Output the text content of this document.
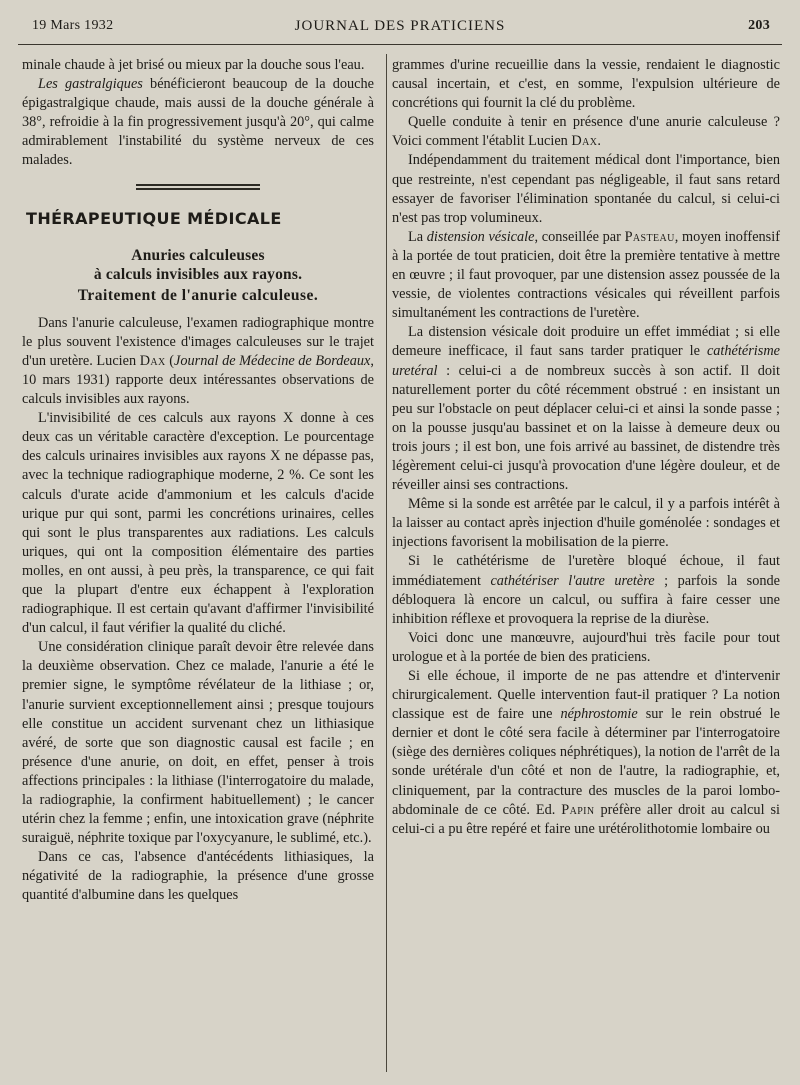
19 Mars 1932	JOURNAL DES PRATICIENS	203

minale chaude à jet brisé ou mieux par la douche sous l'eau.

Les gastralgiques bénéficieront beaucoup de la douche épigastralgique chaude, mais aussi de la douche générale à 38°, refroidie à la fin progressivement jusqu'à 20°, qui calme admirablement l'instabilité du système nerveux de ces malades.

THÉRAPEUTIQUE MÉDICALE
Anuries calculeuses
à calculs invisibles aux rayons.
Traitement de l'anurie calculeuse.

Dans l'anurie calculeuse, l'examen radiographique montre le plus souvent l'existence d'images calculeuses sur le trajet d'un uretère. Lucien Dax (Journal de Médecine de Bordeaux, 10 mars 1931) rapporte deux intéressantes observations de calculs invisibles aux rayons.

L'invisibilité de ces calculs aux rayons X donne à ces deux cas un véritable caractère d'exception. Le pourcentage des calculs urinaires invisibles aux rayons X ne dépasse pas, avec la technique radiographique moderne, 2 %. Ce sont les calculs d'urate acide d'ammonium et les calculs d'acide urique pur qui sont, parmi les concrétions urinaires, celles qui sont le plus transparentes aux radiations. Les calculs uriques, qui ont la composition élémentaire des parties molles, en ont aussi, à peu près, la transparence, ce qui fait que la plupart d'entre eux échappent à l'exploration radiographique. Il est certain qu'avant d'affirmer l'invisibilité d'un calcul, il faut vérifier la qualité du cliché.

Une considération clinique paraît devoir être relevée dans la deuxième observation. Chez ce malade, l'anurie a été le premier signe, le symptôme révélateur de la lithiase ; or, l'anurie survient exceptionnellement ainsi ; presque toujours elle constitue un accident survenant chez un lithiasique avéré, de sorte que son diagnostic causal est facile ; en présence d'une anurie, on doit, en effet, penser à trois affections principales : la lithiase (l'interrogatoire du malade, la radiographie, la confirment habituellement) ; le cancer utérin chez la femme ; enfin, une intoxication grave (néphrite suraiguë, néphrite toxique par l'oxycyanure, le sublimé, etc.).

Dans ce cas, l'absence d'antécédents lithiasiques, la négativité de la radiographie, la présence d'une grosse quantité d'albumine dans les quelques

grammes d'urine recueillie dans la vessie, rendaient le diagnostic causal incertain, et c'est, en somme, l'expulsion ultérieure de concrétions qui fournit la clé du problème.

Quelle conduite à tenir en présence d'une anurie calculeuse ? Voici comment l'établit Lucien Dax.

Indépendamment du traitement médical dont l'importance, bien que restreinte, n'est cependant pas négligeable, il faut sans retard essayer de favoriser l'élimination spontanée du calcul, si celui-ci n'est pas trop volumineux.

La distension vésicale, conseillée par Pasteau, moyen inoffensif à la portée de tout praticien, doit être la première tentative à mettre en œuvre ; il faut provoquer, par une distension assez poussée de la vessie, de violentes contractions vésicales qui réveillent parfois simultanément les contractions de l'uretère.

La distension vésicale doit produire un effet immédiat ; si elle demeure inefficace, il faut sans tarder pratiquer le cathétérisme uretéral : celui-ci a de nombreux succès à son actif. Il doit naturellement porter du côté récemment obstrué : en insistant un peu sur l'obstacle on peut déplacer celui-ci et ainsi la sonde passe ; on la pousse jusqu'au bassinet et on la laisse à demeure deux ou trois jours ; il est bon, une fois arrivé au bassinet, de distendre très légèrement celui-ci jusqu'à provocation d'une légère douleur, et de réveiller ainsi ses contractions.

Même si la sonde est arrêtée par le calcul, il y a parfois intérêt à la laisser au contact après injection d'huile goménolée : sondages et injections favorisent la mobilisation de la pierre.

Si le cathétérisme de l'uretère bloqué échoue, il faut immédiatement cathétériser l'autre uretère ; parfois la sonde débloquera là encore un calcul, ou suffira à faire cesser une inhibition réflexe et provoquera la reprise de la diurèse.

Voici donc une manœuvre, aujourd'hui très facile pour tout urologue et à la portée de bien des praticiens.

Si elle échoue, il importe de ne pas attendre et d'intervenir chirurgicalement. Quelle intervention faut-il pratiquer ? La notion classique est de faire une néphrostomie sur le rein obstrué le dernier et dont le côté sera facile à déterminer par l'interrogatoire (siège des dernières coliques néphrétiques), la notion de l'arrêt de la sonde urétérale d'un côté et non de l'autre, la radiographie, et, cliniquement, par la contracture des muscles de la paroi lombo-abdominale de ce côté. Ed. Papin préfère aller droit au calcul si celui-ci a pu être repéré et faire une urétérolithotomie lombaire ou
